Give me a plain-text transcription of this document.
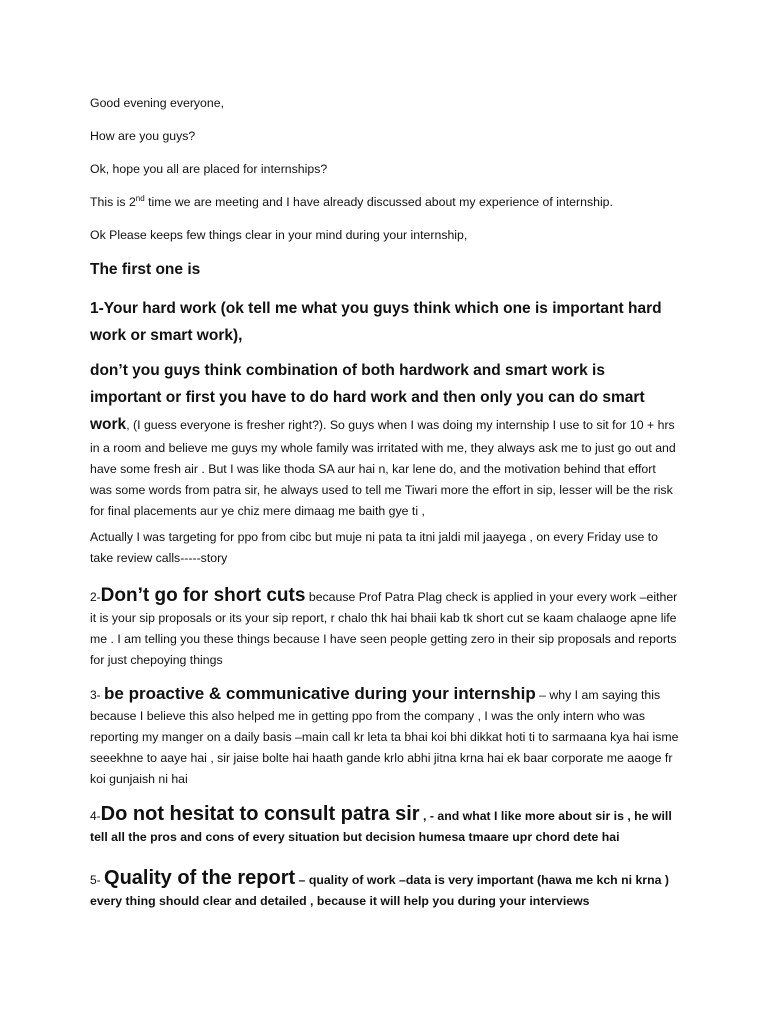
Good evening everyone,

How are you guys?

Ok, hope you all are placed for internships?

This is 2nd time we are meeting and I have already discussed about my experience of internship.

Ok Please keeps few things clear in your mind during your internship,

The first one is

1-Your hard work (ok tell me what you guys think which one is important hard work or smart work),

don’t you guys think combination of both hardwork and smart work is important or first you have to do hard work and then only you can do smart work, (I guess everyone is fresher right?). So guys when I was doing my internship I use to sit for 10 + hrs in a room and believe me guys my whole family was irritated with me, they always ask me to just go out and have some fresh air . But I was like thoda SA aur hai n, kar lene do, and the motivation behind that effort was some words from patra sir, he always used to tell me Tiwari more the effort in sip, lesser will be the risk for final placements aur ye chiz mere dimaag me baith gye ti ,

Actually I was targeting for ppo from cibc but muje ni pata ta itni jaldi mil jaayega , on every Friday use to take review calls-----story

2-Don’t go for short cuts because Prof Patra Plag check is applied in your every work –either it is your sip proposals or its your sip report, r chalo thk hai bhaii kab tk short cut se kaam chalaoge apne life me . I am telling you these things because I have seen people getting zero in their sip proposals and reports for just chepoying things

3- be proactive & communicative during your internship – why I am saying this because I believe this also helped me in getting ppo from the company , I was the only intern who was reporting my manger on a daily basis –main call kr leta ta bhai koi bhi dikkat hoti ti to sarmaana kya hai isme seeekhne to aaye hai , sir jaise bolte hai haath gande krlo abhi jitna krna hai ek baar corporate me aaoge fr koi gunjaish ni hai

4-Do not hesitat to consult patra sir , - and what I like more about sir is , he will tell all the pros and cons of every situation but decision humesa tmaare upr chord dete hai

5- Quality of the report – quality of work –data is very important (hawa me kch ni krna ) every thing should clear and detailed , because it will help you during your interviews
